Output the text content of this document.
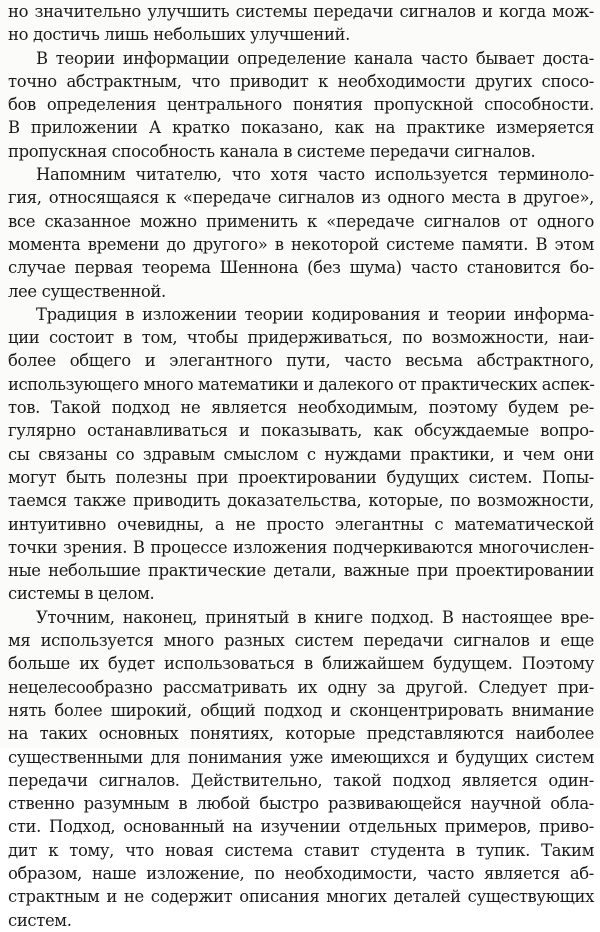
но значительно улучшить системы передачи сигналов и когда мож-
но достичь лишь небольших улучшений.
В теории информации определение канала часто бывает доста-
точно абстрактным, что приводит к необходимости других спосо-
бов определения центрального понятия пропускной способности.
В приложении А кратко показано, как на практике измеряется
пропускная способность канала в системе передачи сигналов.
Напомним читателю, что хотя часто используется терминоло-
гия, относящаяся к «передаче сигналов из одного места в другое»,
все сказанное можно применить к «передаче сигналов от одного
момента времени до другого» в некоторой системе памяти. В этом
случае первая теорема Шеннона (без шума) часто становится бо-
лее существенной.
Традиция в изложении теории кодирования и теории информа-
ции состоит в том, чтобы придерживаться, по возможности, наи-
более общего и элегантного пути, часто весьма абстрактного,
использующего много математики и далекого от практических аспек-
тов. Такой подход не является необходимым, поэтому будем ре-
гулярно останавливаться и показывать, как обсуждаемые вопро-
сы связаны со здравым смыслом с нуждами практики, и чем они
могут быть полезны при проектировании будущих систем. Попы-
таемся также приводить доказательства, которые, по возможности,
интуитивно очевидны, а не просто элегантны с математической
точки зрения. В процессе изложения подчеркиваются многочислен-
ные небольшие практические детали, важные при проектировании
системы в целом.
Уточним, наконец, принятый в книге подход. В настоящее вре-
мя используется много разных систем передачи сигналов и еще
больше их будет использоваться в ближайшем будущем. Поэтому
нецелесообразно рассматривать их одну за другой. Следует при-
нять более широкий, общий подход и сконцентрировать внимание
на таких основных понятиях, которые представляются наиболее
существенными для понимания уже имеющихся и будущих систем
передачи сигналов. Действительно, такой подход является один-
ственно разумным в любой быстро развивающейся научной обла-
сти. Подход, основанный на изучении отдельных примеров, приво-
дит к тому, что новая система ставит студента в тупик. Таким
образом, наше изложение, по необходимости, часто является аб-
страктным и не содержит описания многих деталей существующих
систем.
